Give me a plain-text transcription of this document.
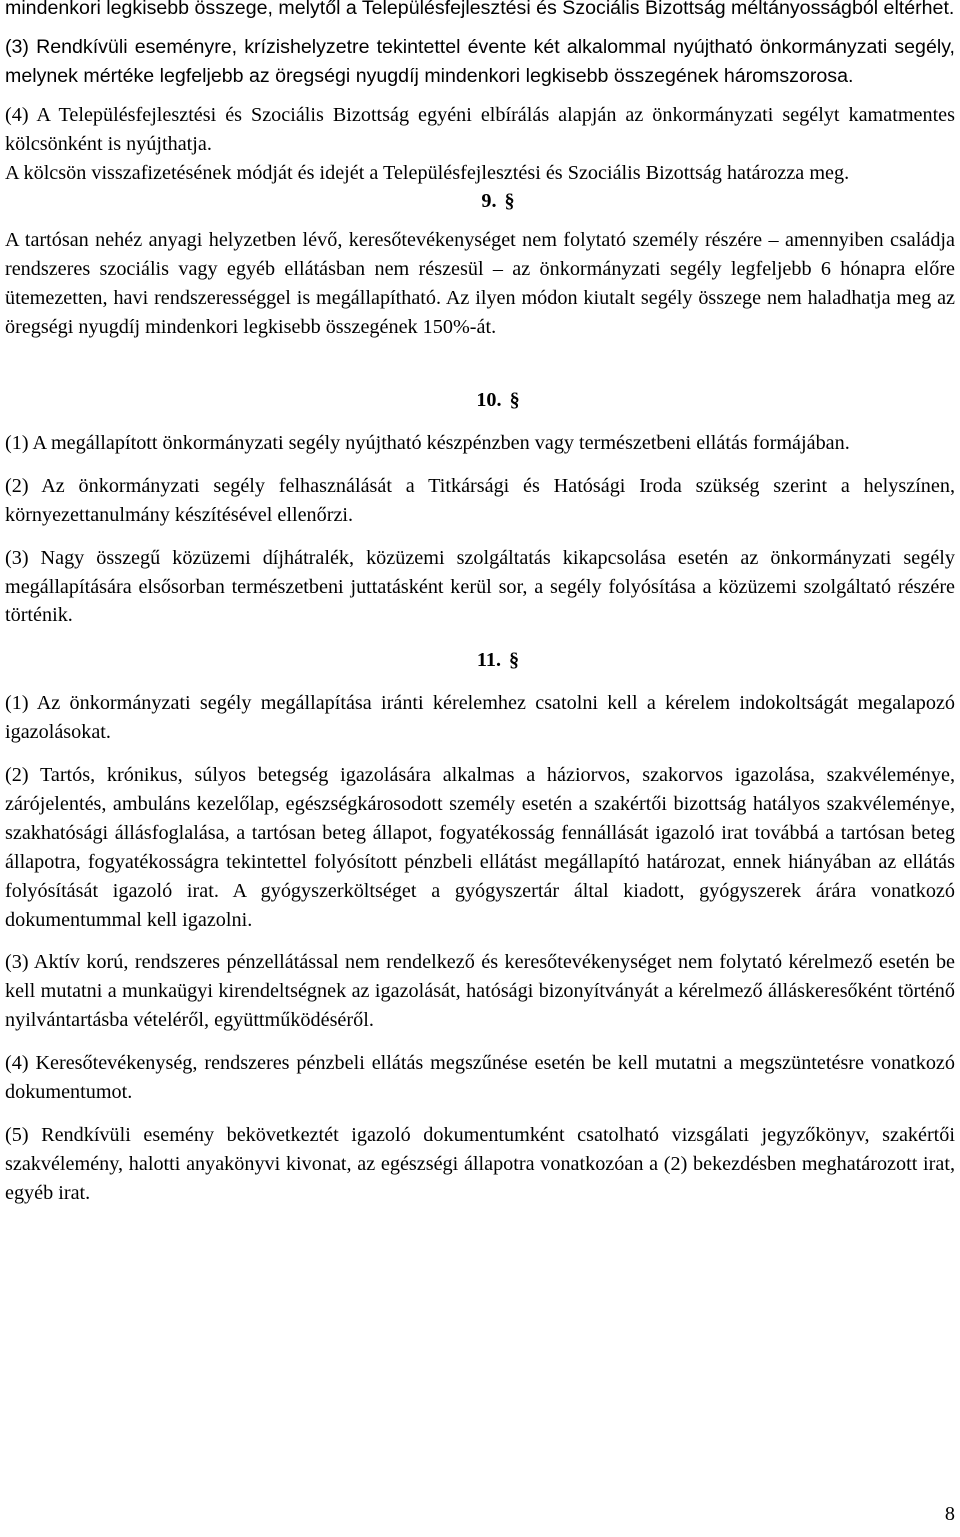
mindenkori legkisebb összege, melytől a Településfejlesztési és Szociális Bizottság méltányosságból eltérhet.

(3) Rendkívüli eseményre, krízishelyzetre tekintettel évente két alkalommal nyújtható önkormányzati segély, melynek mértéke legfeljebb az öregségi nyugdíj mindenkori legkisebb összegének háromszorosa.

(4) A Településfejlesztési és Szociális Bizottság egyéni elbírálás alapján az önkormányzati segélyt kamatmentes kölcsönként is nyújthatja.

A kölcsön visszafizetésének módját és idejét a Településfejlesztési és Szociális Bizottság határozza meg.

9. §

A tartósan nehéz anyagi helyzetben lévő, keresőtevékenységet nem folytató személy részére – amennyiben családja rendszeres szociális vagy egyéb ellátásban nem részesül – az önkormányzati segély legfeljebb 6 hónapra előre ütemezetten, havi rendszerességgel is megállapítható. Az ilyen módon kiutalt segély összege nem haladhatja meg az öregségi nyugdíj mindenkori legkisebb összegének 150%-át.

10. §

(1) A megállapított önkormányzati segély nyújtható készpénzben vagy természetbeni ellátás formájában.

(2) Az önkormányzati segély felhasználását a Titkársági és Hatósági Iroda szükség szerint a helyszínen, környezettanulmány készítésével ellenőrzi.

(3) Nagy összegű közüzemi díjhátralék, közüzemi szolgáltatás kikapcsolása esetén az önkormányzati segély megállapítására elsősorban természetbeni juttatásként kerül sor, a segély folyósítása a közüzemi szolgáltató részére történik.

11. §

(1) Az önkormányzati segély megállapítása iránti kérelemhez csatolni kell a kérelem indokoltságát megalapozó igazolásokat.

(2) Tartós, krónikus, súlyos betegség igazolására alkalmas a háziorvos, szakorvos igazolása, szakvéleménye, zárójelentés, ambuláns kezelőlap, egészségkárosodott személy esetén a szakértői bizottság hatályos szakvéleménye, szakhatósági állásfoglalása, a tartósan beteg állapot, fogyatékosság fennállását igazoló irat továbbá a tartósan beteg állapotra, fogyatékosságra tekintettel folyósított pénzbeli ellátást megállapító határozat, ennek hiányában az ellátás folyósítását igazoló irat. A gyógyszerköltséget a gyógyszertár által kiadott, gyógyszerek árára vonatkozó dokumentummal kell igazolni.

(3) Aktív korú, rendszeres pénzellátással nem rendelkező és keresőtevékenységet nem folytató kérelmező esetén be kell mutatni a munkaügyi kirendeltségnek az igazolását, hatósági bizonyítványát a kérelmező álláskeresőként történő nyilvántartásba vételéről, együttműködéséről.

(4) Keresőtevékenység, rendszeres pénzbeli ellátás megszűnése esetén be kell mutatni a megszüntetésre vonatkozó dokumentumot.

(5) Rendkívüli esemény bekövetkeztét igazoló dokumentumként csatolható vizsgálati jegyzőkönyv, szakértői szakvélemény, halotti anyakönyvi kivonat, az egészségi állapotra vonatkozóan a (2) bekezdésben meghatározott irat, egyéb irat.

8
